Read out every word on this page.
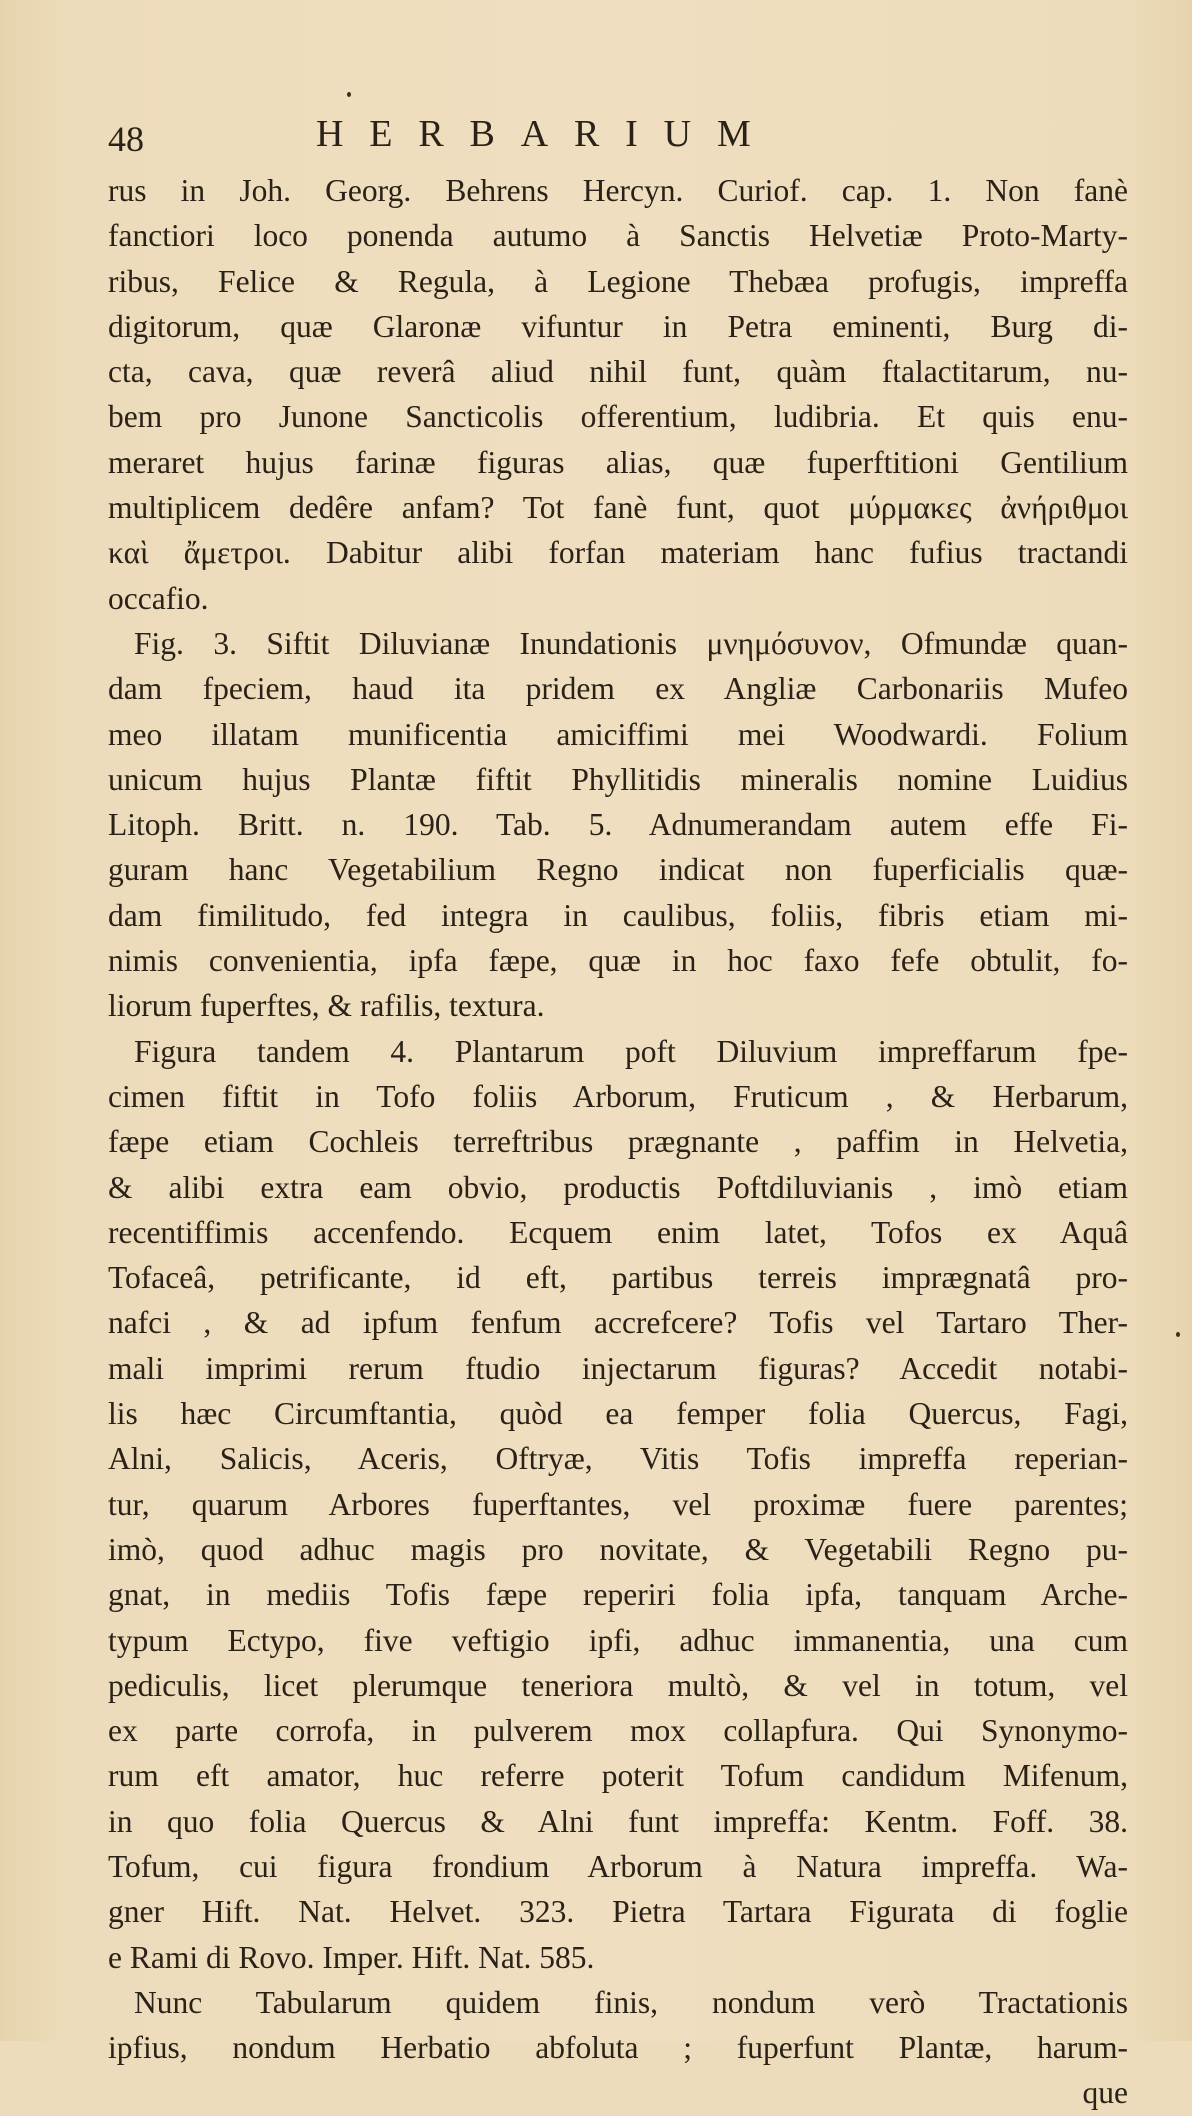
48	HERBARIUM
rus in Joh. Georg. Behrens Hercyn. Curiof. cap. 1. Non fanè
fanctiori loco ponenda autumo à Sanctis Helvetiæ Proto-Marty-
ribus, Felice & Regula, à Legione Thebæa profugis, impreffa
digitorum, quæ Glaronæ vifuntur in Petra eminenti, Burg di-
cta, cava, quæ reverâ aliud nihil funt, quàm ftalactitarum, nu-
bem pro Junone Sancticolis offerentium, ludibria. Et quis enu-
meraret hujus farinæ figuras alias, quæ fuperftitioni Gentilium
multiplicem dedêre anfam? Tot fanè funt, quot μύρμακες ἀνήριθμοι
καὶ ἄμετροι. Dabitur alibi forfan materiam hanc fufius tractandi
occafio.
Fig. 3. Siftit Diluvianæ Inundationis μνημόσυνον, Ofmundæ quan-
dam fpeciem, haud ita pridem ex Angliæ Carbonariis Mufeo
meo illatam munificentia amiciffimi mei Woodwardi. Folium
unicum hujus Plantæ fiftit Phyllitidis mineralis nomine Luidius
Litoph. Britt. n. 190. Tab. 5. Adnumerandam autem effe Fi-
guram hanc Vegetabilium Regno indicat non fuperficialis quæ-
dam fimilitudo, fed integra in caulibus, foliis, fibris etiam mi-
nimis convenientia, ipfa fæpe, quæ in hoc faxo fefe obtulit, fo-
liorum fuperftes, & rafilis, textura.
Figura tandem 4. Plantarum poft Diluvium impreffarum fpe-
cimen fiftit in Tofo foliis Arborum, Fruticum , & Herbarum,
fæpe etiam Cochleis terreftribus prægnante , paffim in Helvetia,
& alibi extra eam obvio, productis Poftdiluvianis , imò etiam
recentiffimis accenfendo. Ecquem enim latet, Tofos ex Aquâ
Tofaceâ, petrificante, id eft, partibus terreis imprægnatâ pro-
nafci , & ad ipfum fenfum accrefcere? Tofis vel Tartaro Ther-
mali imprimi rerum ftudio injectarum figuras? Accedit notabi-
lis hæc Circumftantia, quòd ea femper folia Quercus, Fagi,
Alni, Salicis, Aceris, Oftryæ, Vitis Tofis impreffa reperian-
tur, quarum Arbores fuperftantes, vel proximæ fuere parentes;
imò, quod adhuc magis pro novitate, & Vegetabili Regno pu-
gnat, in mediis Tofis fæpe reperiri folia ipfa, tanquam Arche-
typum Ectypo, five veftigio ipfi, adhuc immanentia, una cum
pediculis, licet plerumque teneriora multò, & vel in totum, vel
ex parte corrofa, in pulverem mox collapfura. Qui Synonymo-
rum eft amator, huc referre poterit Tofum candidum Mifenum,
in quo folia Quercus & Alni funt impreffa: Kentm. Foff. 38.
Tofum, cui figura frondium Arborum à Natura impreffa. Wa-
gner Hift. Nat. Helvet. 323. Pietra Tartara Figurata di foglie
e Rami di Rovo. Imper. Hift. Nat. 585.
Nunc Tabularum quidem finis, nondum verò Tractationis
ipfius, nondum Herbatio abfoluta ; fuperfunt Plantæ, harum-
que
